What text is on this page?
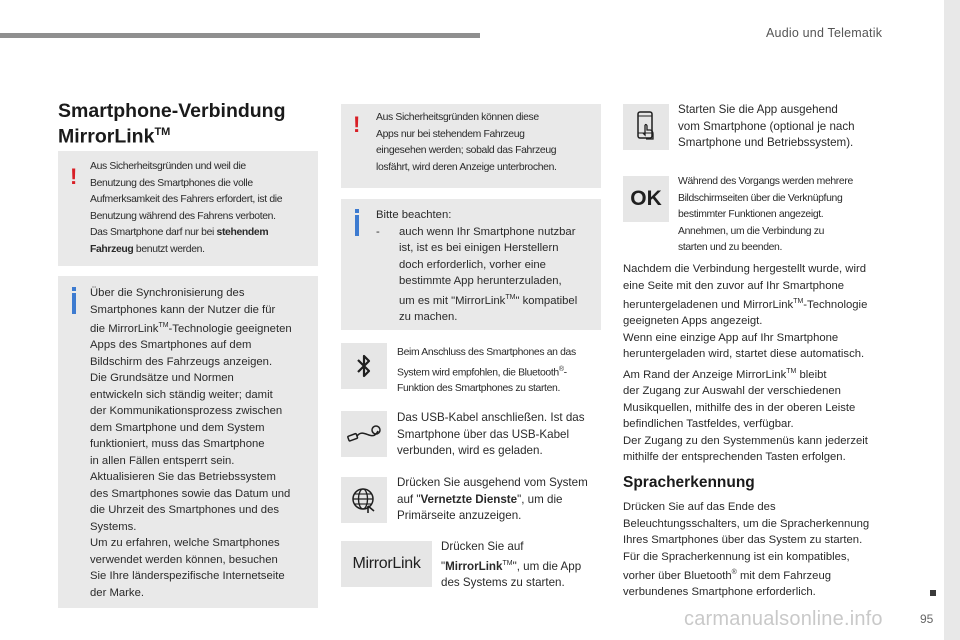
Audio und Telematik
Smartphone-Verbindung
MirrorLink™
! Aus Sicherheitsgründen und weil die
Benutzung des Smartphones die volle
Aufmerksamkeit des Fahrers erfordert, ist die
Benutzung während des Fahrens verboten.
Das Smartphone darf nur bei stehendem
Fahrzeug benutzt werden.
Über die Synchronisierung des
Smartphones kann der Nutzer die für
die MirrorLink™-Technologie geeigneten
Apps des Smartphones auf dem
Bildschirm des Fahrzeugs anzeigen.
Die Grundsätze und Normen
entwickeln sich ständig weiter; damit
der Kommunikationsprozess zwischen
dem Smartphone und dem System
funktioniert, muss das Smartphone
in allen Fällen entsperrt sein.
Aktualisieren Sie das Betriebssystem
des Smartphones sowie das Datum und
die Uhrzeit des Smartphones und des
Systems.
Um zu erfahren, welche Smartphones
verwendet werden können, besuchen
Sie Ihre länderspezifische Internetseite
der Marke.
! Aus Sicherheitsgründen können diese
Apps nur bei stehendem Fahrzeug
eingesehen werden; sobald das Fahrzeug
losfährt, wird deren Anzeige unterbrochen.
Bitte beachten:
- auch wenn Ihr Smartphone nutzbar
ist, ist es bei einigen Herstellern
doch erforderlich, vorher eine
bestimmte App herunterzuladen,
um es mit "MirrorLink™" kompatibel
zu machen.
Beim Anschluss des Smartphones an das
System wird empfohlen, die Bluetooth®-
Funktion des Smartphones zu starten.
Das USB-Kabel anschließen. Ist das
Smartphone über das USB-Kabel
verbunden, wird es geladen.
Drücken Sie ausgehend vom System
auf "Vernetzte Dienste", um die
Primärseite anzuzeigen.
MirrorLink
Drücken Sie auf
"MirrorLink™", um die App
des Systems zu starten.
Starten Sie die App ausgehend
vom Smartphone (optional je nach
Smartphone und Betriebssystem).
OK
Während des Vorgangs werden mehrere
Bildschirmseiten über die Verknüpfung
bestimmter Funktionen angezeigt.
Annehmen, um die Verbindung zu
starten und zu beenden.
Nachdem die Verbindung hergestellt wurde, wird
eine Seite mit den zuvor auf Ihr Smartphone
heruntergeladenen und MirrorLink™-Technologie
geeigneten Apps angezeigt.
Wenn eine einzige App auf Ihr Smartphone
heruntergeladen wird, startet diese automatisch.
Am Rand der Anzeige MirrorLink™ bleibt
der Zugang zur Auswahl der verschiedenen
Musikquellen, mithilfe des in der oberen Leiste
befindlichen Tastfeldes, verfügbar.
Der Zugang zu den Systemmenüs kann jederzeit
mithilfe der entsprechenden Tasten erfolgen.
Spracherkennung
Drücken Sie auf das Ende des
Beleuchtungsschalters, um die Spracherkennung
Ihres Smartphones über das System zu starten.
Für die Spracherkennung ist ein kompatibles,
vorher über Bluetooth® mit dem Fahrzeug
verbundenes Smartphone erforderlich.
95
carmanualsonline.info
